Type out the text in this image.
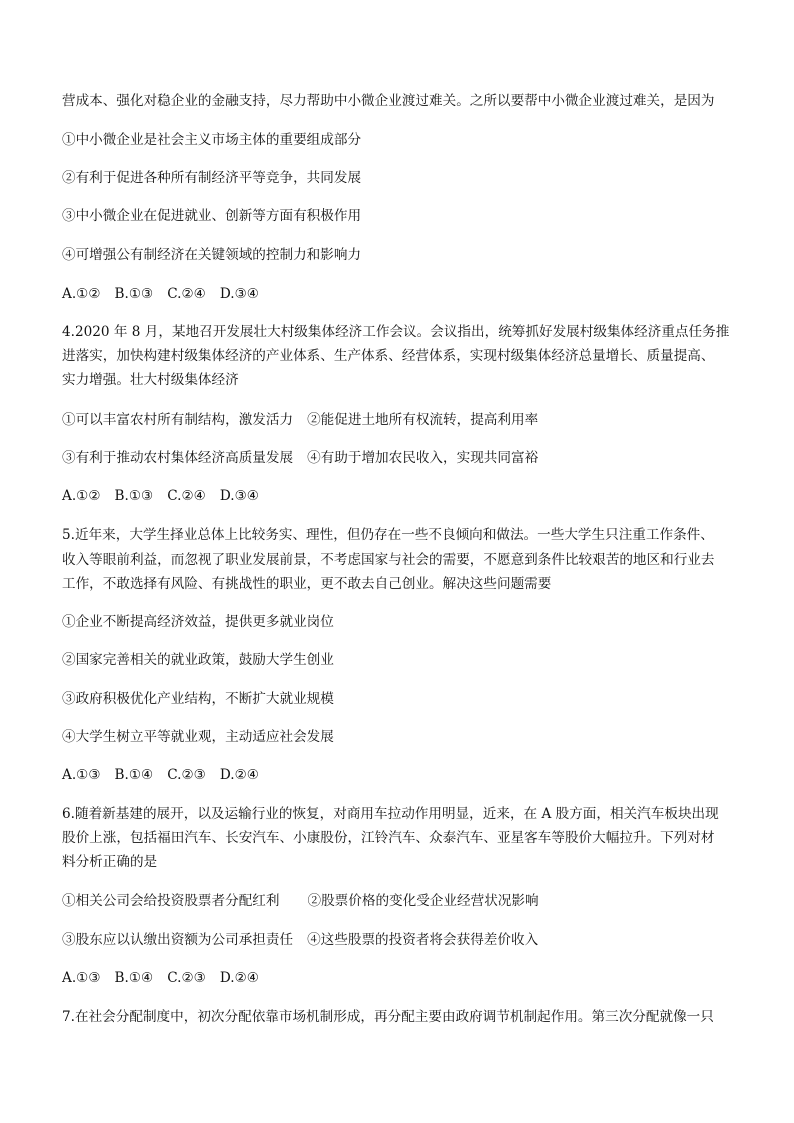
营成本、强化对稳企业的金融支持，尽力帮助中小微企业渡过难关。之所以要帮中小微企业渡过难关，是因为
①中小微企业是社会主义市场主体的重要组成部分
②有利于促进各种所有制经济平等竞争，共同发展
③中小微企业在促进就业、创新等方面有积极作用
④可增强公有制经济在关键领域的控制力和影响力
A.①② B.①③ C.②④ D.③④
4.2020 年 8 月，某地召开发展壮大村级集体经济工作会议。会议指出，统筹抓好发展村级集体经济重点任务推
进落实，加快构建村级集体经济的产业体系、生产体系、经营体系，实现村级集体经济总量增长、质量提高、
实力增强。壮大村级集体经济
①可以丰富农村所有制结构，激发活力 ②能促进土地所有权流转，提高利用率
③有利于推动农村集体经济高质量发展 ④有助于增加农民收入，实现共同富裕
A.①② B.①③ C.②④ D.③④
5.近年来，大学生择业总体上比较务实、理性，但仍存在一些不良倾向和做法。一些大学生只注重工作条件、
收入等眼前利益，而忽视了职业发展前景，不考虑国家与社会的需要，不愿意到条件比较艰苦的地区和行业去
工作，不敢选择有风险、有挑战性的职业，更不敢去自己创业。解决这些问题需要
①企业不断提高经济效益，提供更多就业岗位
②国家完善相关的就业政策，鼓励大学生创业
③政府积极优化产业结构，不断扩大就业规模
④大学生树立平等就业观，主动适应社会发展
A.①③ B.①④ C.②③ D.②④
6.随着新基建的展开，以及运输行业的恢复，对商用车拉动作用明显，近来，在 A 股方面，相关汽车板块出现
股价上涨，包括福田汽车、长安汽车、小康股份，江铃汽车、众泰汽车、亚星客车等股价大幅拉升。下列对材
料分析正确的是
①相关公司会给投资股票者分配红利 ②股票价格的变化受企业经营状况影响
③股东应以认缴出资额为公司承担责任 ④这些股票的投资者将会获得差价收入
A.①③ B.①④ C.②③ D.②④
7.在社会分配制度中，初次分配依靠市场机制形成，再分配主要由政府调节机制起作用。第三次分配就像一只
